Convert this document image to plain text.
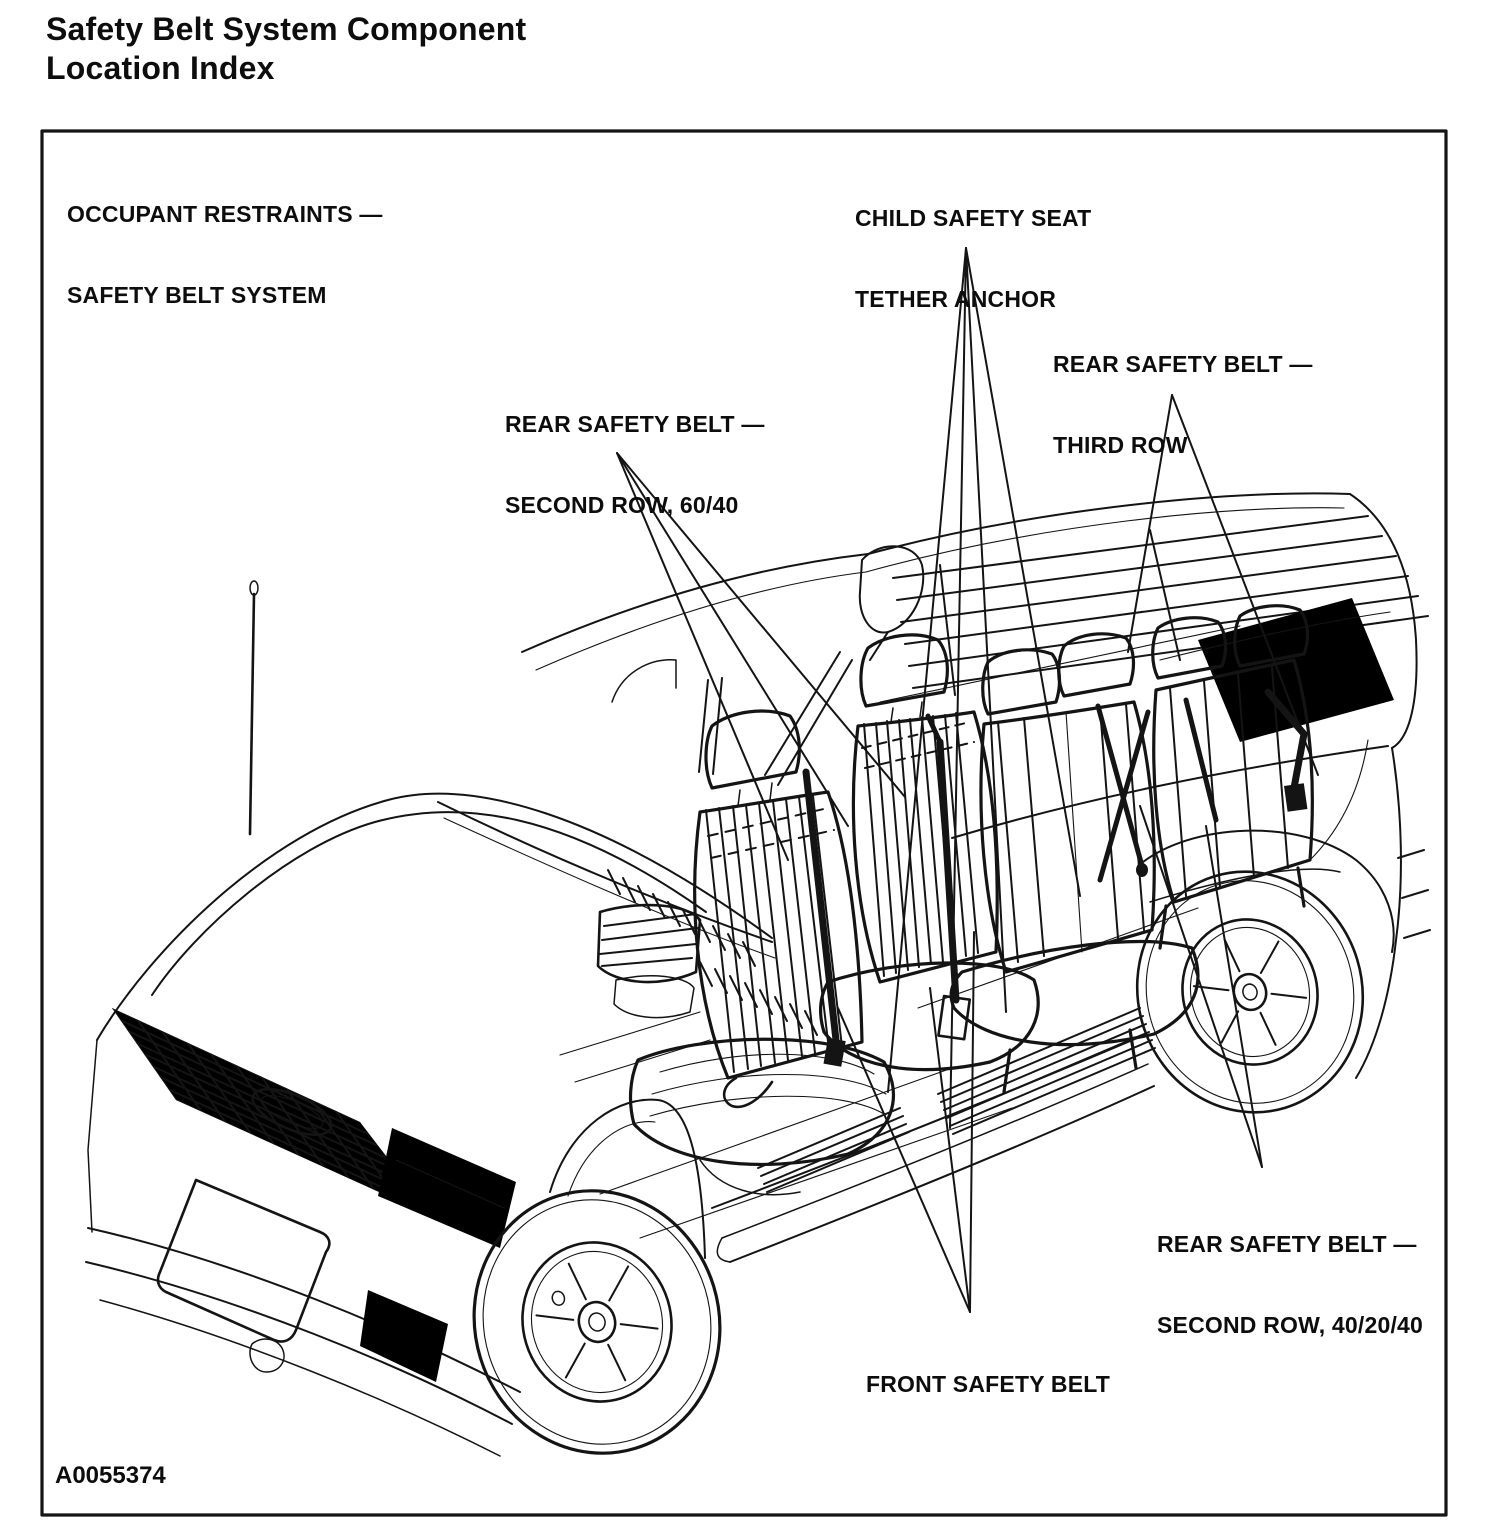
Safety Belt System Component
Location Index

OCCUPANT RESTRAINTS —

SAFETY BELT SYSTEM

CHILD SAFETY SEAT

TETHER ANCHOR

REAR SAFETY BELT —

THIRD ROW

REAR SAFETY BELT —

SECOND ROW, 60/40

REAR SAFETY BELT —

SECOND ROW, 40/20/40

FRONT SAFETY BELT

A0055374
